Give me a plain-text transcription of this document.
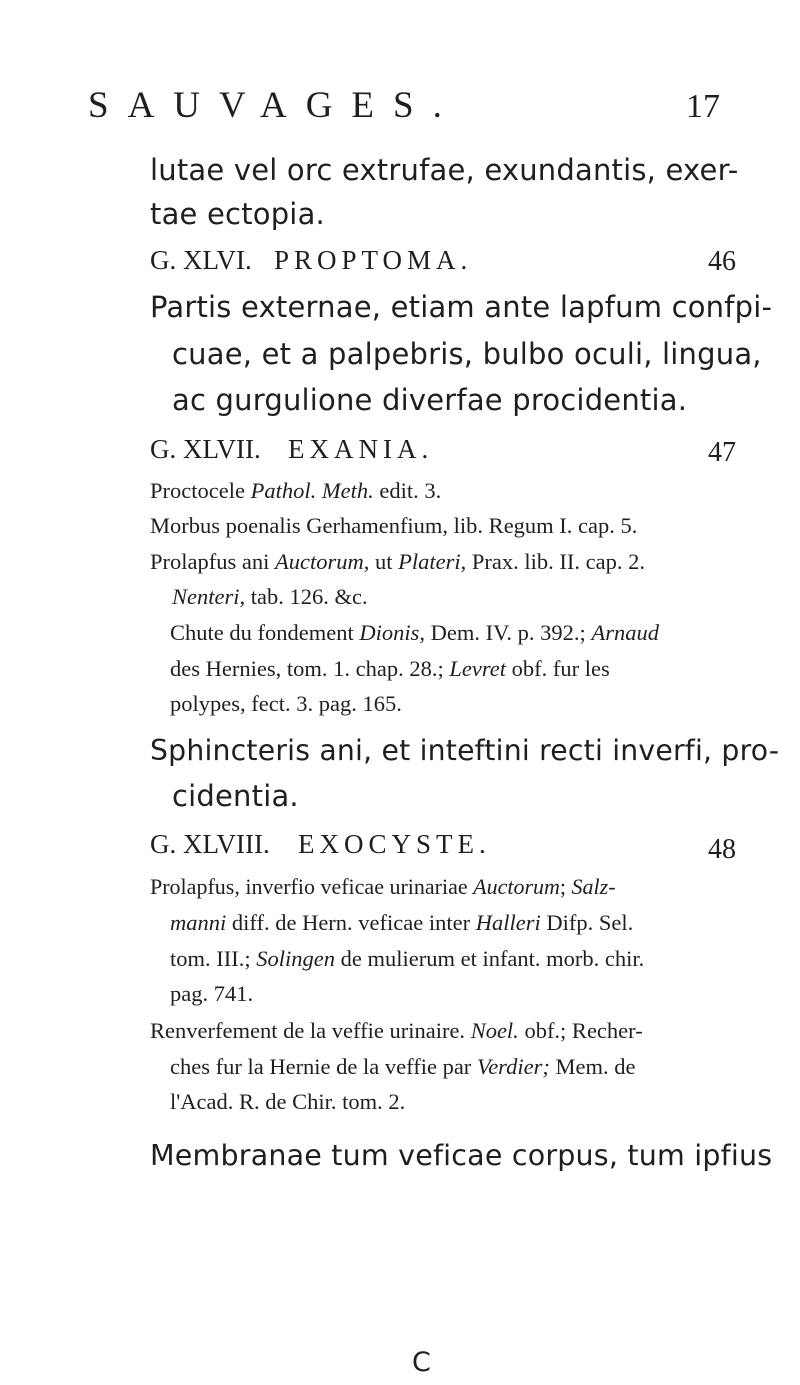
SAUVAGES.	17
lutae vel orc extrufae, exundantis, exer-
tae ectopia.
G. XLVI. PROPTOMA.	46
Partis externae, etiam ante lapfum confpi-
cuae, et a palpebris, bulbo oculi, lingua,
ac gurgulione diverfae procidentia.
G. XLVII. EXANIA.	47
Proctocele Pathol. Meth. edit. 3.
Morbus poenalis Gerhamenfium, lib. Regum I. cap. 5.
Prolapfus ani Auctorum, ut Plateri, Prax. lib. II. cap. 2.
Nenteri, tab. 126. &c.
Chute du fondement Dionis, Dem. IV. p. 392.; Arnaud
des Hernies, tom. 1. chap. 28.; Levret obf. fur les
polypes, fect. 3. pag. 165.
Sphincteris ani, et inteftini recti inverfi, pro-
cidentia.
G. XLVIII. EXOCYSTE.	48
Prolapfus, inverfio veficae urinariae Auctorum; Salz-
manni diff. de Hern. veficae inter Halleri Difp. Sel.
tom. III.; Solingen de mulierum et infant. morb. chir.
pag. 741.
Renverfement de la veffie urinaire. Noel. obf.; Recher-
ches fur la Hernie de la veffie par Verdier; Mem. de
l'Acad. R. de Chir. tom. 2.
Membranae tum veficae corpus, tum ipfius
C
